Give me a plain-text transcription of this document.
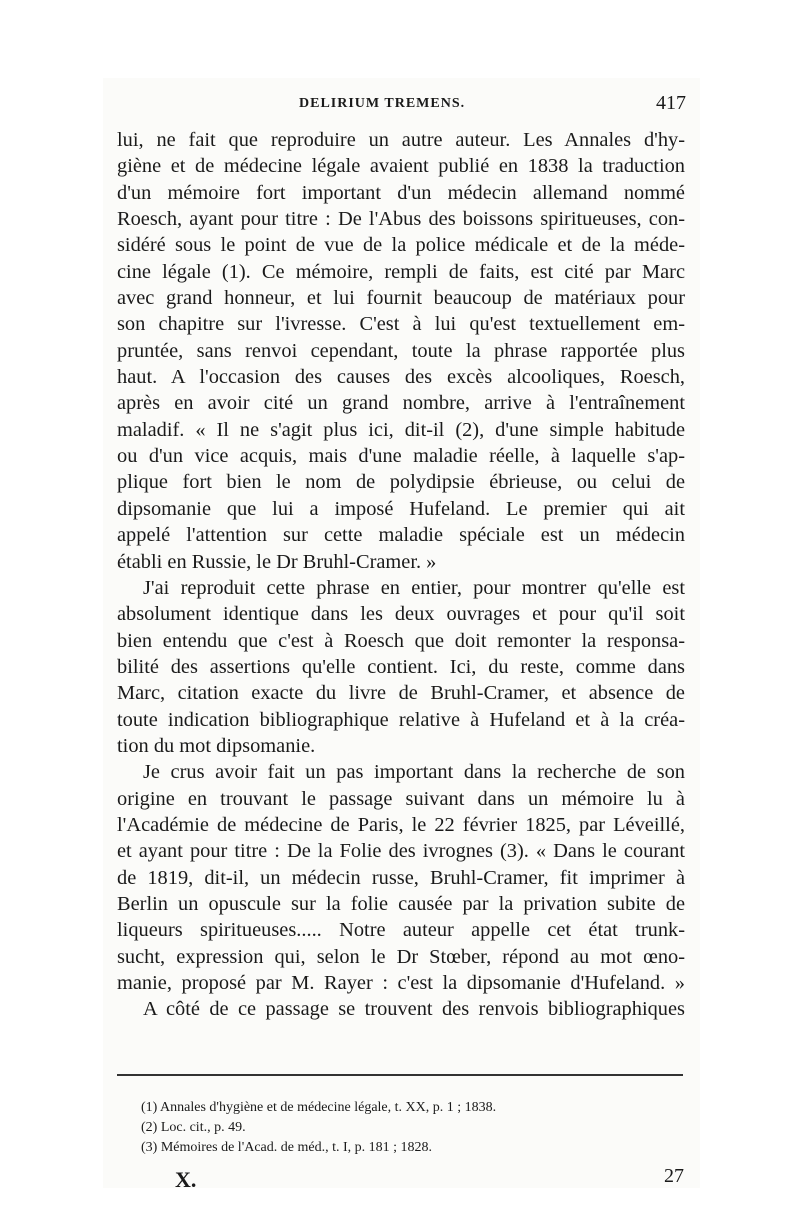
DELIRIUM TREMENS.	417
lui, ne fait que reproduire un autre auteur. Les Annales d'hy-
giène et de médecine légale avaient publié en 1838 la traduction
d'un mémoire fort important d'un médecin allemand nommé
Roesch, ayant pour titre : De l'Abus des boissons spiritueuses, con-
sidéré sous le point de vue de la police médicale et de la méde-
cine légale (1). Ce mémoire, rempli de faits, est cité par Marc
avec grand honneur, et lui fournit beaucoup de matériaux pour
son chapitre sur l'ivresse. C'est à lui qu'est textuellement em-
pruntée, sans renvoi cependant, toute la phrase rapportée plus
haut. A l'occasion des causes des excès alcooliques, Roesch,
après en avoir cité un grand nombre, arrive à l'entraînement
maladif. « Il ne s'agit plus ici, dit-il (2), d'une simple habitude
ou d'un vice acquis, mais d'une maladie réelle, à laquelle s'ap-
plique fort bien le nom de polydipsie ébrieuse, ou celui de
dipsomanie que lui a imposé Hufeland. Le premier qui ait
appelé l'attention sur cette maladie spéciale est un médecin
établi en Russie, le Dr Bruhl-Cramer. »
J'ai reproduit cette phrase en entier, pour montrer qu'elle est
absolument identique dans les deux ouvrages et pour qu'il soit
bien entendu que c'est à Roesch que doit remonter la responsa-
bilité des assertions qu'elle contient. Ici, du reste, comme dans
Marc, citation exacte du livre de Bruhl-Cramer, et absence de
toute indication bibliographique relative à Hufeland et à la créa-
tion du mot dipsomanie.
Je crus avoir fait un pas important dans la recherche de son
origine en trouvant le passage suivant dans un mémoire lu à
l'Académie de médecine de Paris, le 22 février 1825, par Léveillé,
et ayant pour titre : De la Folie des ivrognes (3). « Dans le courant
de 1819, dit-il, un médecin russe, Bruhl-Cramer, fit imprimer à
Berlin un opuscule sur la folie causée par la privation subite de
liqueurs spiritueuses..... Notre auteur appelle cet état trunk-
sucht, expression qui, selon le Dr Stœber, répond au mot œno-
manie, proposé par M. Rayer : c'est la dipsomanie d'Hufeland. »
A côté de ce passage se trouvent des renvois bibliographiques
(1) Annales d'hygiène et de médecine légale, t. XX, p. 1 ; 1838.
(2) Loc. cit., p. 49.
(3) Mémoires de l'Acad. de méd., t. I, p. 181 ; 1828.
X.	27
